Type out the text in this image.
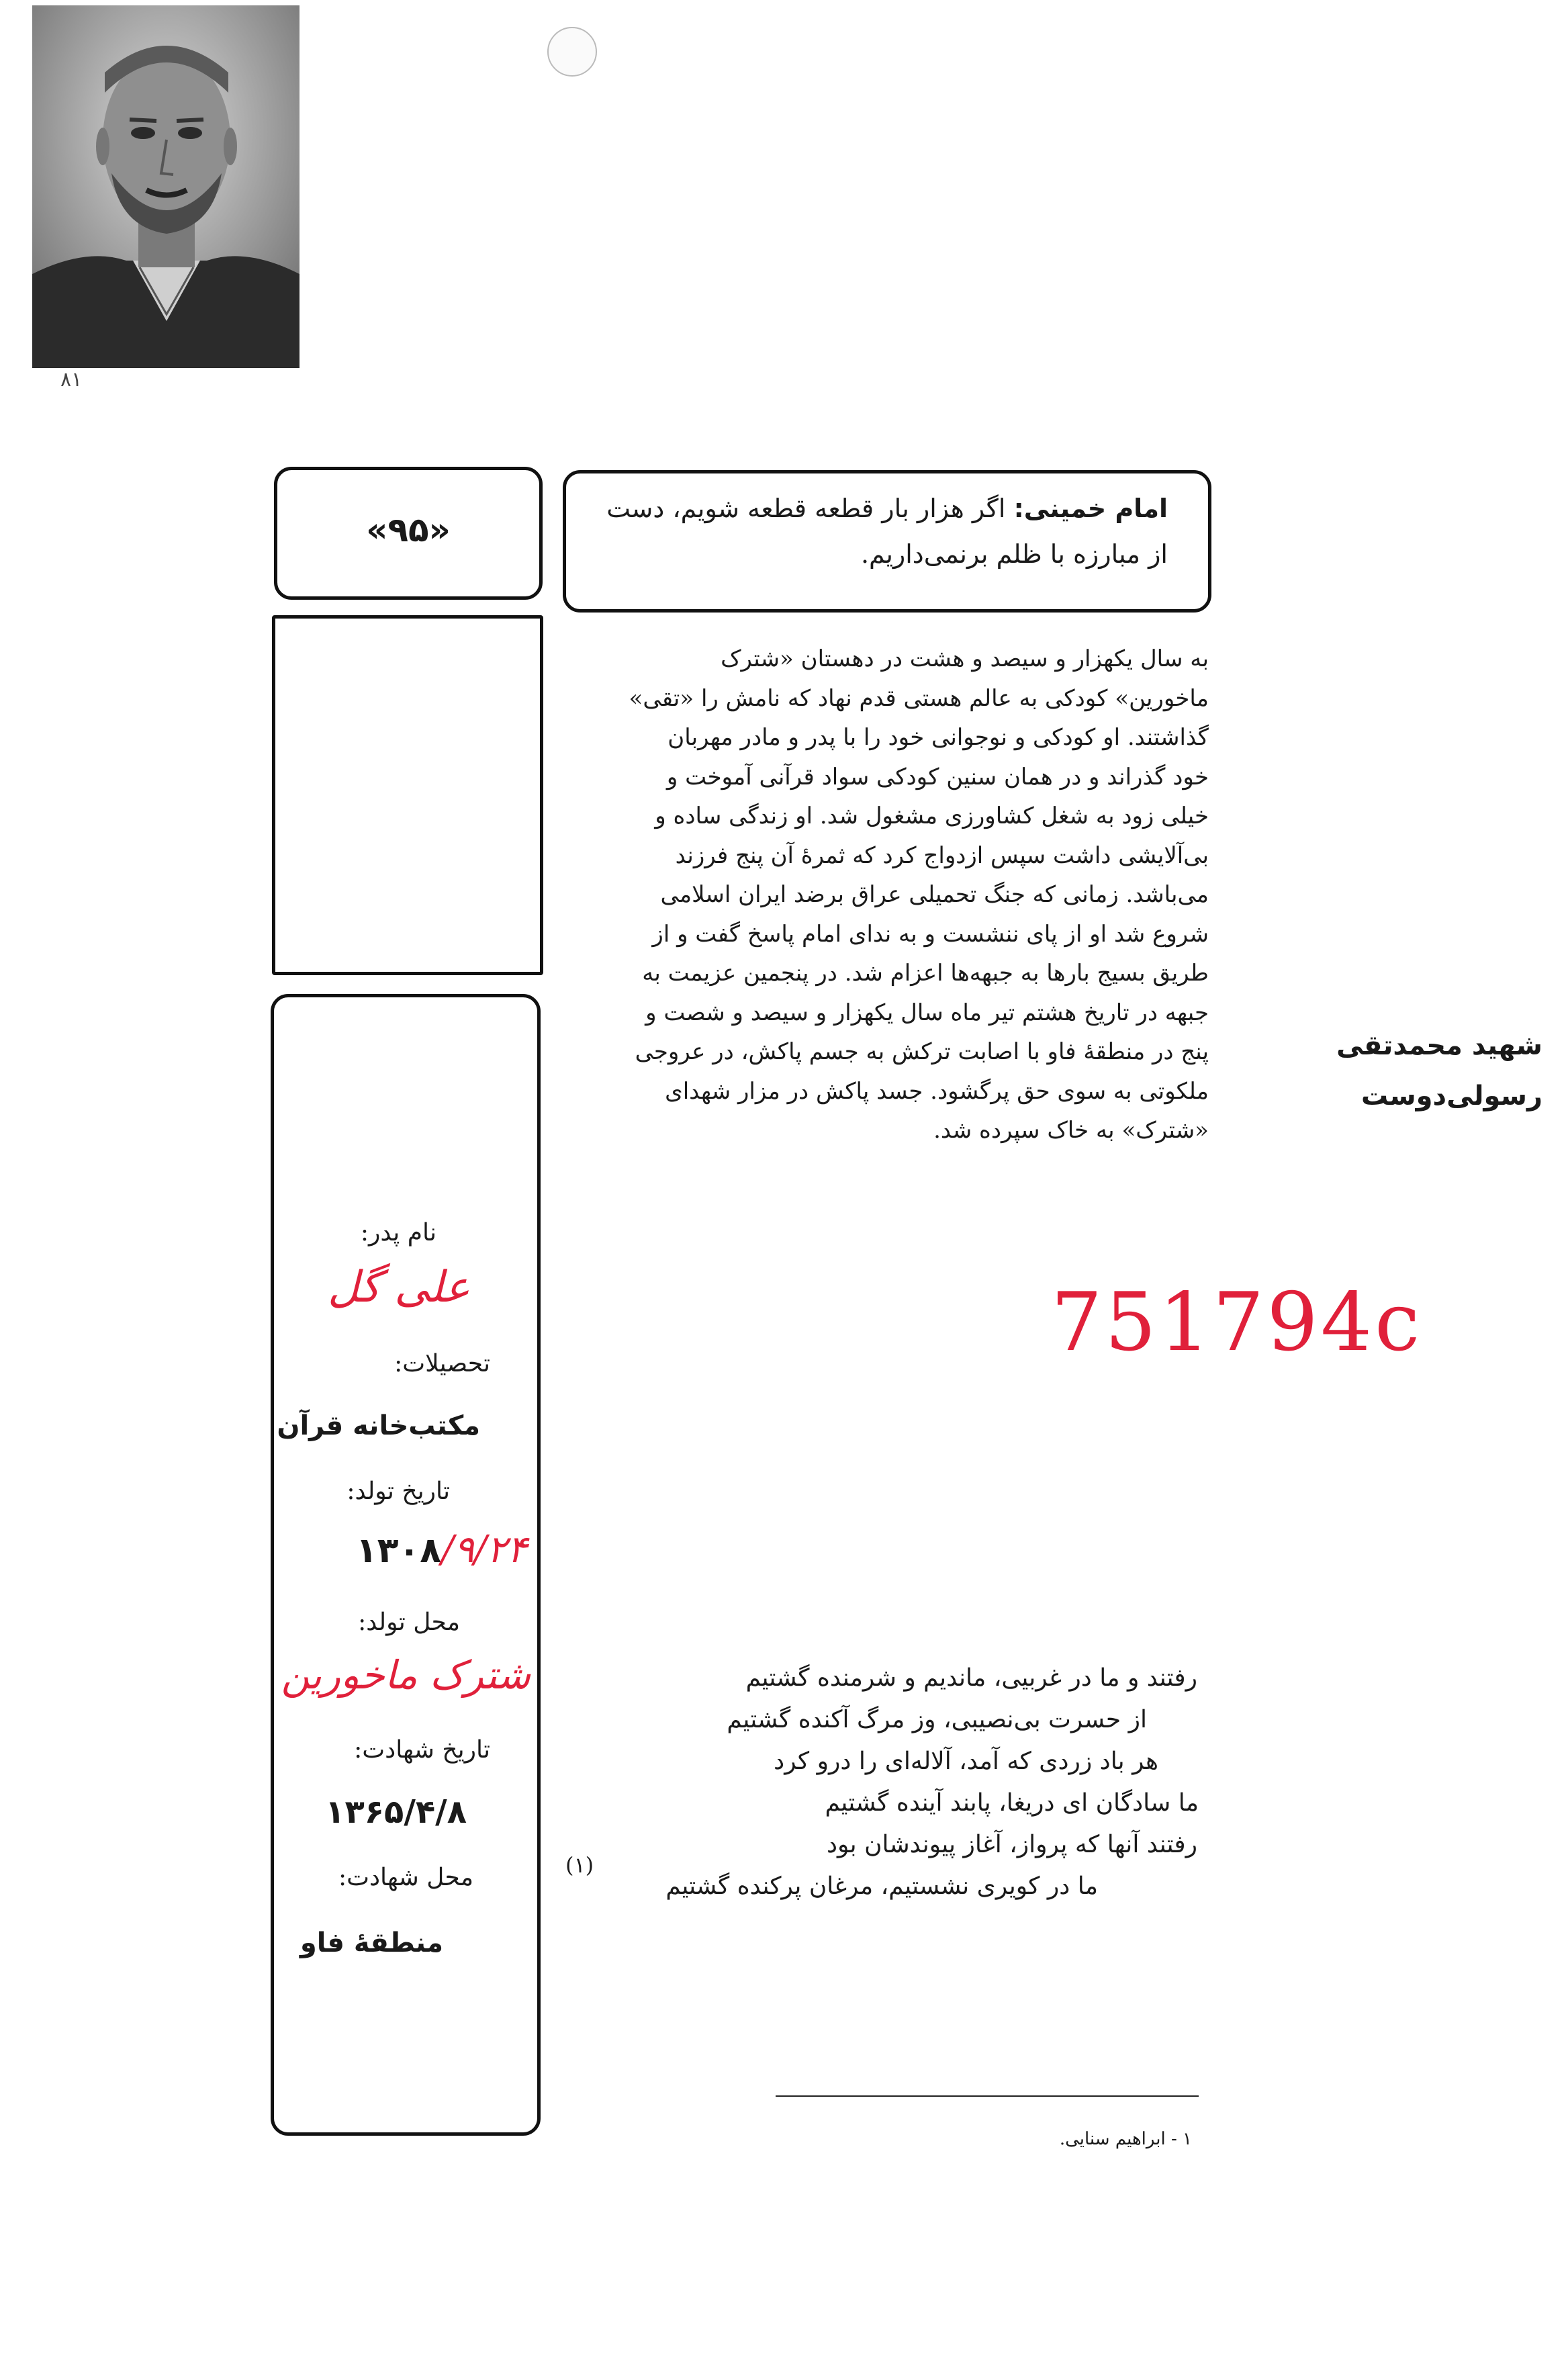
٨١
امام خمینی: اگر هزار بار قطعه قطعه شویم، دست از مبارزه با ظلم برنمی‌داریم.
«۹۵»
به سال یکهزار و سیصد و هشت در دهستان «شترک
ماخورین» کودکی به عالم هستی قدم نهاد که نامش را «تقی»
گذاشتند. او کودکی و نوجوانی خود را با پدر و مادر مهربان
خود گذراند و در همان سنین کودکی سواد قرآنی آموخت و
خیلی زود به شغل کشاورزی مشغول شد. او زندگی ساده و
بی‌آلایشی داشت سپس ازدواج کرد که ثمرهٔ آن پنج فرزند
می‌باشد. زمانی که جنگ تحمیلی عراق برضد ایران اسلامی
شروع شد او از پای ننشست و به ندای امام پاسخ گفت و از
طریق بسیج بارها به جبهه‌ها اعزام شد. در پنجمین عزیمت به
جبهه در تاریخ هشتم تیر ماه سال یکهزار و سیصد و شصت و
پنج در منطقهٔ فاو با اصابت ترکش به جسم پاکش، در عروجی
ملکوتی به سوی حق پرگشود. جسد پاکش در مزار شهدای
«شترک» به خاک سپرده شد.
شهید محمدتقی
رسولی‌دوست
نام پدر:
علی گل
تحصیلات:
مکتب‌خانه قرآن
تاریخ تولد:
۱۳۰۸ /۹/۲۴
محل تولد:
شترک ماخورین
تاریخ شهادت:
۱۳۶۵/۴/۸
محل شهادت:
منطقهٔ فاو
751794c
رفتند و ما در غربیی، ماندیم و شرمنده گشتیم
از حسرت بی‌نصیبی، وز مرگ آکنده گشتیم
هر باد زردی که آمد، آلاله‌ای را درو کرد
ما سادگان ای دریغا، پابند آینده گشتیم
رفتند آنها که پرواز، آغاز پیوندشان بود
ما در کویری نشستیم، مرغان پرکنده گشتیم
(۱)
۱ - ابراهیم سنایی.
